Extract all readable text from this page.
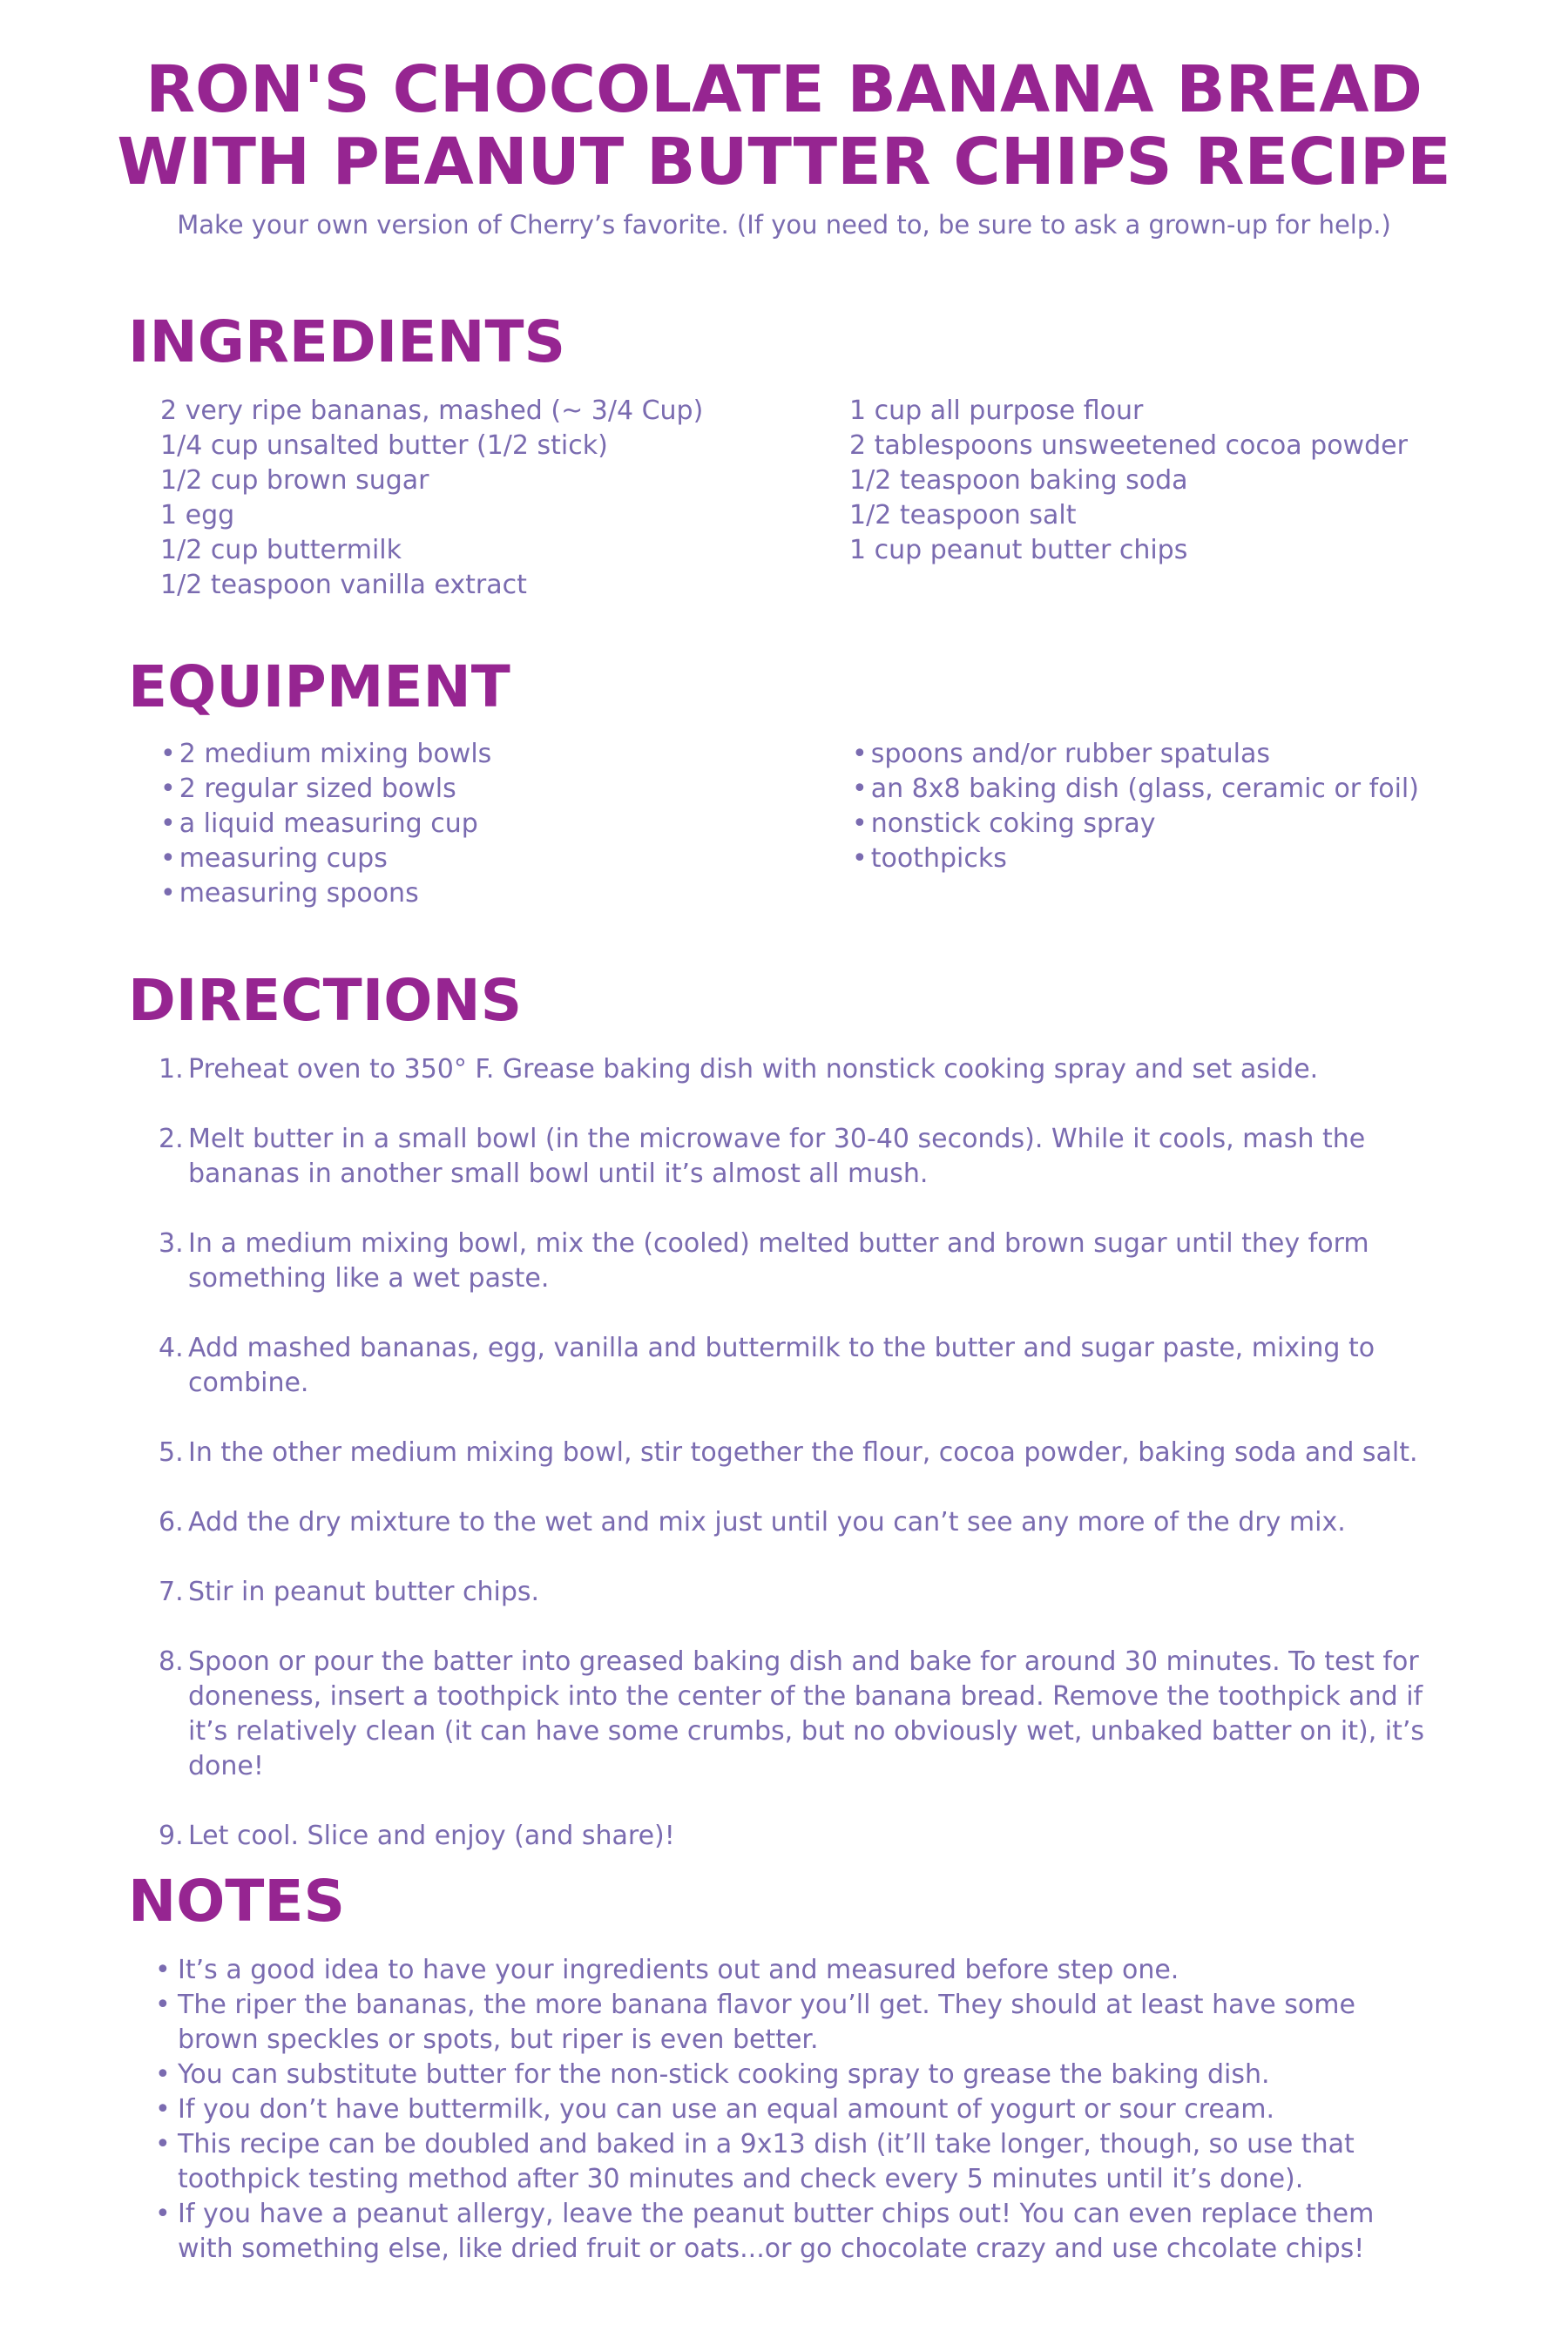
RON'S CHOCOLATE BANANA BREAD
WITH PEANUT BUTTER CHIPS RECIPE

Make your own version of Cherry’s favorite. (If you need to, be sure to ask a grown-up for help.)

INGREDIENTS
2 very ripe bananas, mashed (~ 3/4 Cup)
1/4 cup unsalted butter (1/2 stick)
1/2 cup brown sugar
1 egg
1/2 cup buttermilk
1/2 teaspoon vanilla extract
1 cup all purpose flour
2 tablespoons unsweetened cocoa powder
1/2 teaspoon baking soda
1/2 teaspoon salt
1 cup peanut butter chips
EQUIPMENT
• 2 medium mixing bowls
• 2 regular sized bowls
• a liquid measuring cup
• measuring cups
• measuring spoons
• spoons and/or rubber spatulas
• an 8x8 baking dish (glass, ceramic or foil)
• nonstick coking spray
• toothpicks
DIRECTIONS
1. Preheat oven to 350° F. Grease baking dish with nonstick cooking spray and set aside.
2. Melt butter in a small bowl (in the microwave for 30-40 seconds). While it cools, mash the bananas in another small bowl until it’s almost all mush.
3. In a medium mixing bowl, mix the (cooled) melted butter and brown sugar until they form something like a wet paste.
4. Add mashed bananas, egg, vanilla and buttermilk to the butter and sugar paste, mixing to combine.
5. In the other medium mixing bowl, stir together the flour, cocoa powder, baking soda and salt.
6. Add the dry mixture to the wet and mix just until you can’t see any more of the dry mix.
7. Stir in peanut butter chips.
8. Spoon or pour the batter into greased baking dish and bake for around 30 minutes. To test for doneness, insert a toothpick into the center of the banana bread. Remove the toothpick and if it’s relatively clean (it can have some crumbs, but no obviously wet, unbaked batter on it), it’s done!
9. Let cool. Slice and enjoy (and share)!
NOTES
• It’s a good idea to have your ingredients out and measured before step one.
• The riper the bananas, the more banana flavor you’ll get. They should at least have some brown speckles or spots, but riper is even better.
• You can substitute butter for the non-stick cooking spray to grease the baking dish.
• If you don’t have buttermilk, you can use an equal amount of yogurt or sour cream.
• This recipe can be doubled and baked in a 9x13 dish (it’ll take longer, though, so use that toothpick testing method after 30 minutes and check every 5 minutes until it’s done).
• If you have a peanut allergy, leave the peanut butter chips out! You can even replace them with something else, like dried fruit or oats...or go chocolate crazy and use chcolate chips!
